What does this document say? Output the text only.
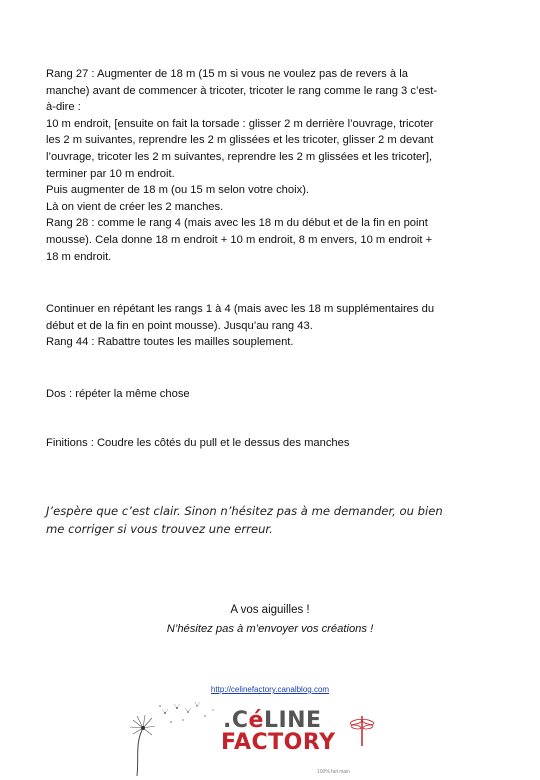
Rang 27 : Augmenter de 18 m (15 m si vous ne voulez pas de revers à la
manche) avant de commencer à tricoter, tricoter le rang comme le rang 3 c’est-
à-dire :
10 m endroit, [ensuite on fait la torsade : glisser 2 m derrière l’ouvrage, tricoter
les 2 m suivantes, reprendre les 2 m glissées et les tricoter, glisser 2 m devant
l’ouvrage, tricoter les 2 m suivantes, reprendre les 2 m glissées et les tricoter],
terminer par 10 m endroit.
Puis augmenter de 18 m (ou 15 m selon votre choix).
Là on vient de créer les 2 manches.
Rang 28 : comme le rang 4 (mais avec les 18 m du début et de la fin en point
mousse). Cela donne 18 m endroit + 10 m endroit, 8 m envers, 10 m endroit +
18 m endroit.
Continuer en répétant les rangs 1 à 4 (mais avec les 18 m supplémentaires du
début et de la fin en point mousse). Jusqu’au rang 43.
Rang 44 : Rabattre toutes les mailles souplement.
Dos : répéter la même chose
Finitions : Coudre les côtés du pull et le dessus des manches
J’espère que c’est clair. Sinon n’hésitez pas à me demander, ou bien
me corriger si vous trouvez une erreur.

A vos aiguilles !

N’hésitez pas à m’envoyer vos créations !

http://celinefactory.canalblog.com
.CéLINE
FACTORY
100% fait main
